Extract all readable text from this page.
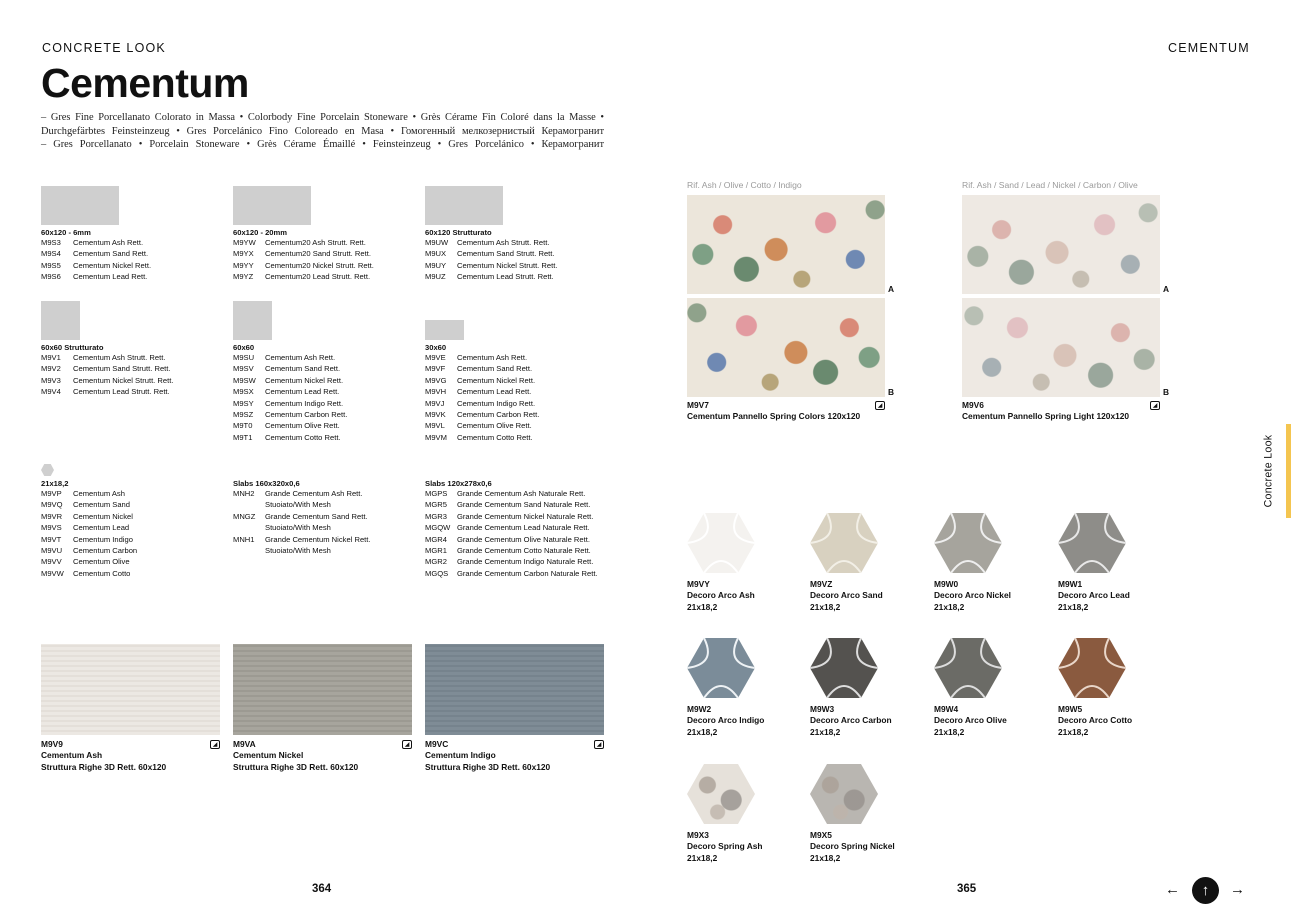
CONCRETE LOOK	CEMENTUM
Cementum
– Gres Fine Porcellanato Colorato in Massa • Colorbody Fine Porcelain Stoneware • Grès Cérame Fin Coloré dans la Masse •
Durchgefärbtes Feinsteinzeug • Gres Porcelánico Fino Coloreado en Masa • Гомогенный мелкозернистый Керамогранит
– Gres Porcellanato • Porcelain Stoneware • Grès Cérame Émaillé • Feinsteinzeug • Gres Porcelánico • Керамогранит
60x120 - 6mm
M9S3	Cementum Ash Rett.
M9S4	Cementum Sand Rett.
M9S5	Cementum Nickel Rett.
M9S6	Cementum Lead Rett.
60x120 - 20mm
M9YW	Cementum20 Ash Strutt. Rett.
M9YX	Cementum20 Sand Strutt. Rett.
M9YY	Cementum20 Nickel Strutt. Rett.
M9YZ	Cementum20 Lead Strutt. Rett.
60x120 Strutturato
M9UW	Cementum Ash Strutt. Rett.
M9UX	Cementum Sand Strutt. Rett.
M9UY	Cementum Nickel Strutt. Rett.
M9UZ	Cementum Lead Strutt. Rett.
60x60 Strutturato
M9V1	Cementum Ash Strutt. Rett.
M9V2	Cementum Sand Strutt. Rett.
M9V3	Cementum Nickel Strutt. Rett.
M9V4	Cementum Lead Strutt. Rett.
60x60
M9SU	Cementum Ash Rett.
M9SV	Cementum Sand Rett.
M9SW	Cementum Nickel Rett.
M9SX	Cementum Lead Rett.
M9SY	Cementum Indigo Rett.
M9SZ	Cementum Carbon Rett.
M9T0	Cementum Olive Rett.
M9T1	Cementum Cotto Rett.
30x60
M9VE	Cementum Ash Rett.
M9VF	Cementum Sand Rett.
M9VG	Cementum Nickel Rett.
M9VH	Cementum Lead Rett.
M9VJ	Cementum Indigo Rett.
M9VK	Cementum Carbon Rett.
M9VL	Cementum Olive Rett.
M9VM	Cementum Cotto Rett.
21x18,2
M9VP	Cementum Ash
M9VQ	Cementum Sand
M9VR	Cementum Nickel
M9VS	Cementum Lead
M9VT	Cementum Indigo
M9VU	Cementum Carbon
M9VV	Cementum Olive
M9VW	Cementum Cotto
Slabs 160x320x0,6
MNH2	Grande Cementum Ash Rett.
Stuoiato/With Mesh
MNGZ	Grande Cementum Sand Rett.
Stuoiato/With Mesh
MNH1	Grande Cementum Nickel Rett.
Stuoiato/With Mesh
Slabs 120x278x0,6
MGPS	Grande Cementum Ash Naturale Rett.
MGR5	Grande Cementum Sand Naturale Rett.
MGR3	Grande Cementum Nickel Naturale Rett.
MGQW Grande Cementum Lead Naturale Rett.
MGR4	Grande Cementum Olive Naturale Rett.
MGR1	Grande Cementum Cotto Naturale Rett.
MGR2	Grande Cementum Indigo Naturale Rett.
MGQS	Grande Cementum Carbon Naturale Rett.
M9V9	◢
Cementum Ash
Struttura Righe 3D Rett. 60x120
M9VA	◢
Cementum Nickel
Struttura Righe 3D Rett. 60x120
M9VC	◢
Cementum Indigo
Struttura Righe 3D Rett. 60x120
364	365
Rif. Ash / Olive / Cotto / Indigo
A
B
M9V7	◢
Cementum Pannello Spring Colors 120x120
Rif. Ash / Sand / Lead / Nickel / Carbon / Olive
A
B
M9V6	◢
Cementum Pannello Spring Light 120x120
M9VY
Decoro Arco Ash
21x18,2
M9VZ
Decoro Arco Sand
21x18,2
M9W0
Decoro Arco Nickel
21x18,2
M9W1
Decoro Arco Lead
21x18,2
M9W2
Decoro Arco Indigo
21x18,2
M9W3
Decoro Arco Carbon
21x18,2
M9W4
Decoro Arco Olive
21x18,2
M9W5
Decoro Arco Cotto
21x18,2
M9X3
Decoro Spring Ash
21x18,2
M9X5
Decoro Spring Nickel
21x18,2
Concrete Look
←	↑	→
